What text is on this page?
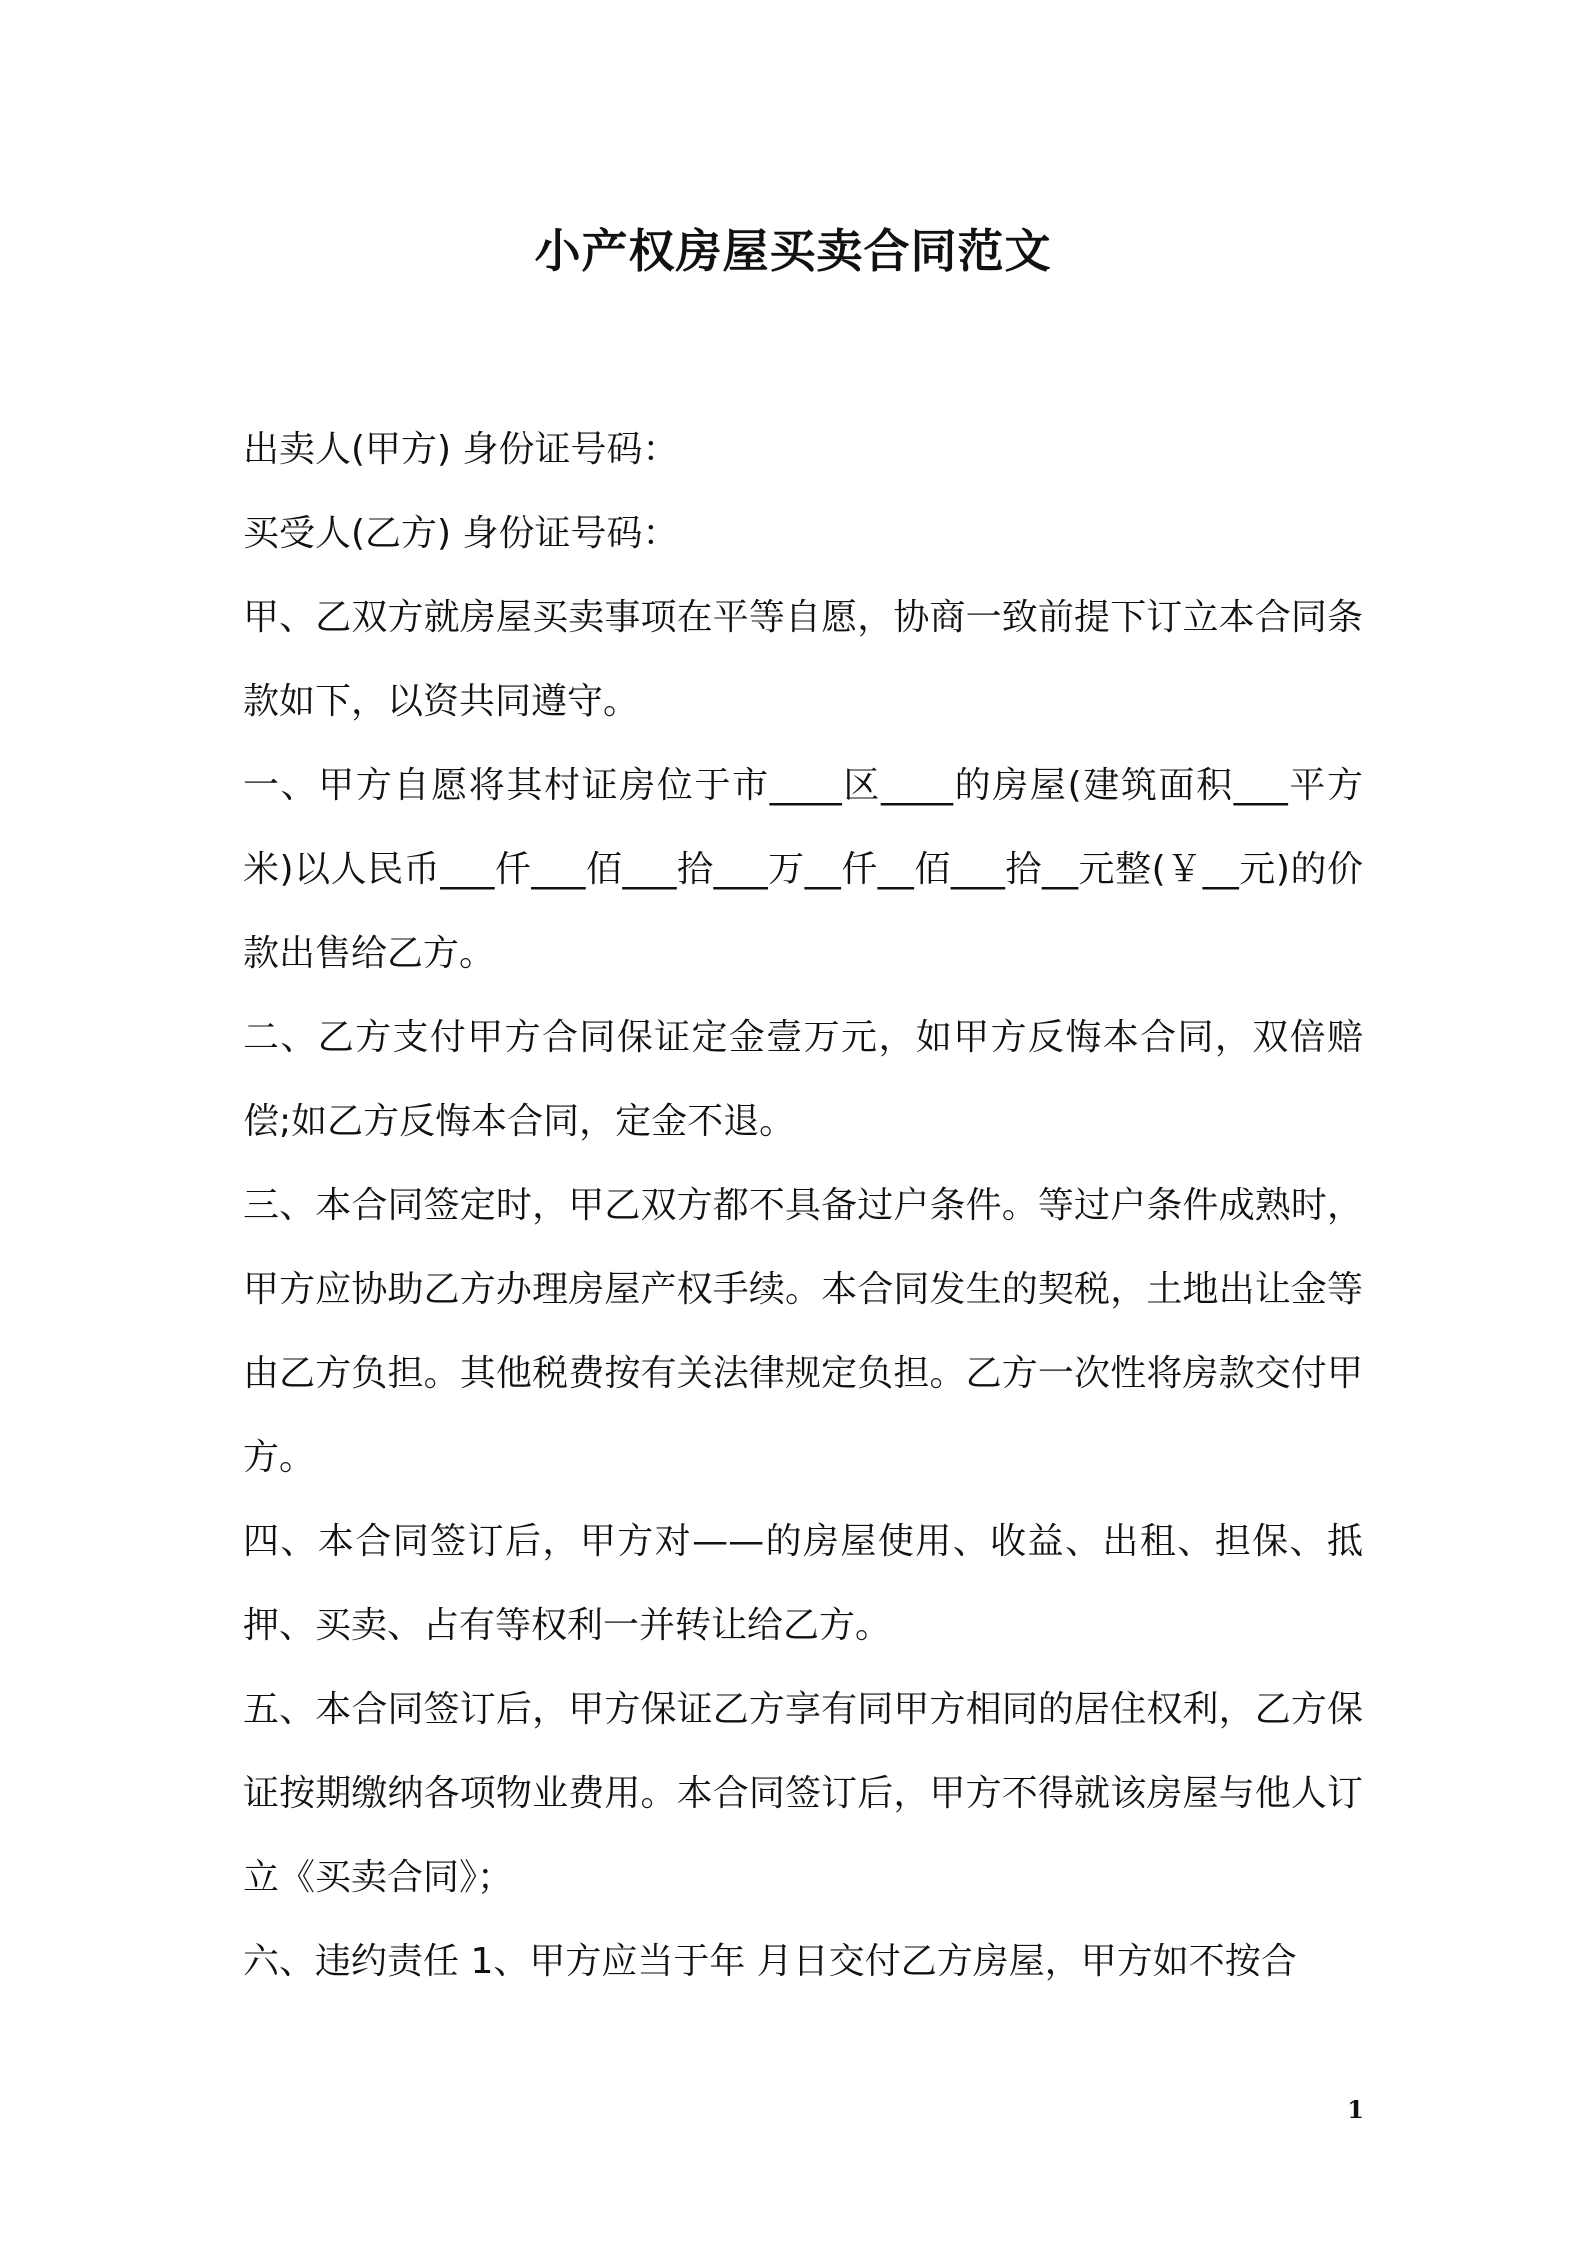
小产权房屋买卖合同范文

出卖人(甲方) 身份证号码：

买受人(乙方) 身份证号码：

甲、乙双方就房屋买卖事项在平等自愿，协商一致前提下订立本合同条款如下，以资共同遵守。

一、甲方自愿将其村证房位于市____区____的房屋(建筑面积___平方米)以人民币___仟___佰___拾___万__仟__佰___拾__元整(￥__元)的价款出售给乙方。

二、乙方支付甲方合同保证定金壹万元，如甲方反悔本合同，双倍赔偿;如乙方反悔本合同，定金不退。

三、本合同签定时，甲乙双方都不具备过户条件。等过户条件成熟时，甲方应协助乙方办理房屋产权手续。本合同发生的契税，土地出让金等由乙方负担。其他税费按有关法律规定负担。乙方一次性将房款交付甲方。

四、本合同签订后，甲方对——的房屋使用、收益、出租、担保、抵押、买卖、占有等权利一并转让给乙方。

五、本合同签订后，甲方保证乙方享有同甲方相同的居住权利，乙方保证按期缴纳各项物业费用。本合同签订后，甲方不得就该房屋与他人订立《买卖合同》；

六、违约责任 1、甲方应当于年 月日交付乙方房屋，甲方如不按合

1
